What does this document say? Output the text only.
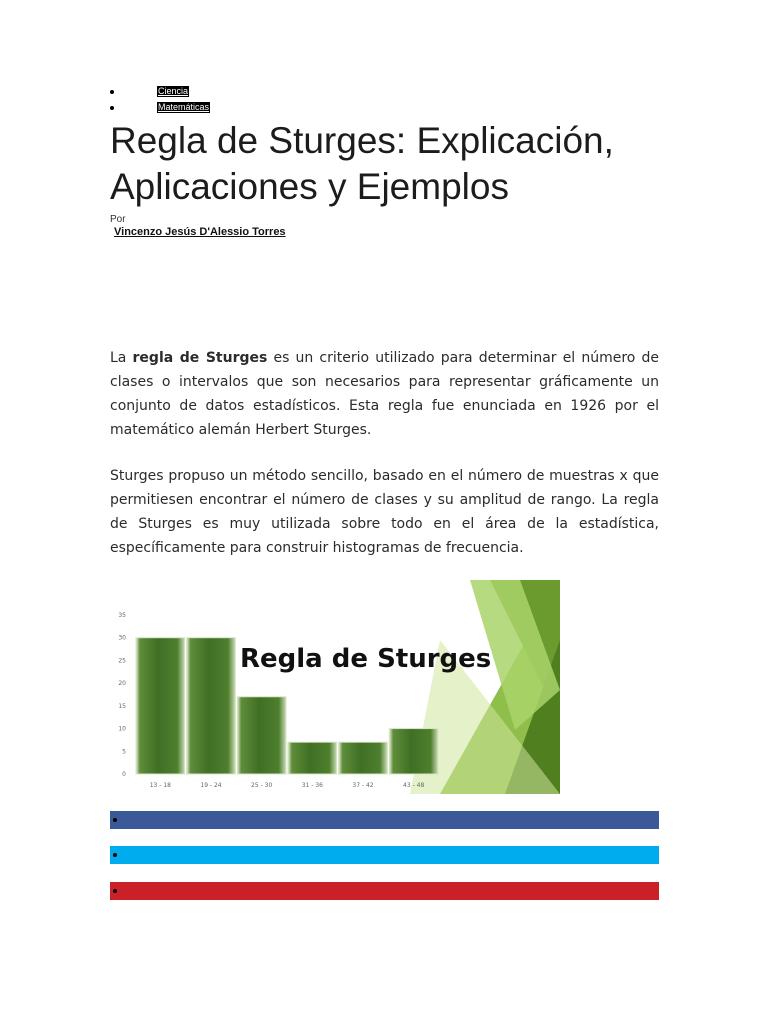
Ciencia
Matemáticas
Regla de Sturges: Explicación, Aplicaciones y Ejemplos
Por
Vincenzo Jesús D'Alessio Torres

La regla de Sturges es un criterio utilizado para determinar el número de clases o intervalos que son necesarios para representar gráficamente un conjunto de datos estadísticos. Esta regla fue enunciada en 1926 por el matemático alemán Herbert Sturges.

Sturges propuso un método sencillo, basado en el número de muestras x que permitiesen encontrar el número de clases y su amplitud de rango. La regla de Sturges es muy utilizada sobre todo en el área de la estadística, específicamente para construir histogramas de frecuencia.

0
5
10
15
20
25
30
35
13 - 18	19 - 24	25 - 30	31 - 36	37 - 42	43 - 48
Regla de Sturges
